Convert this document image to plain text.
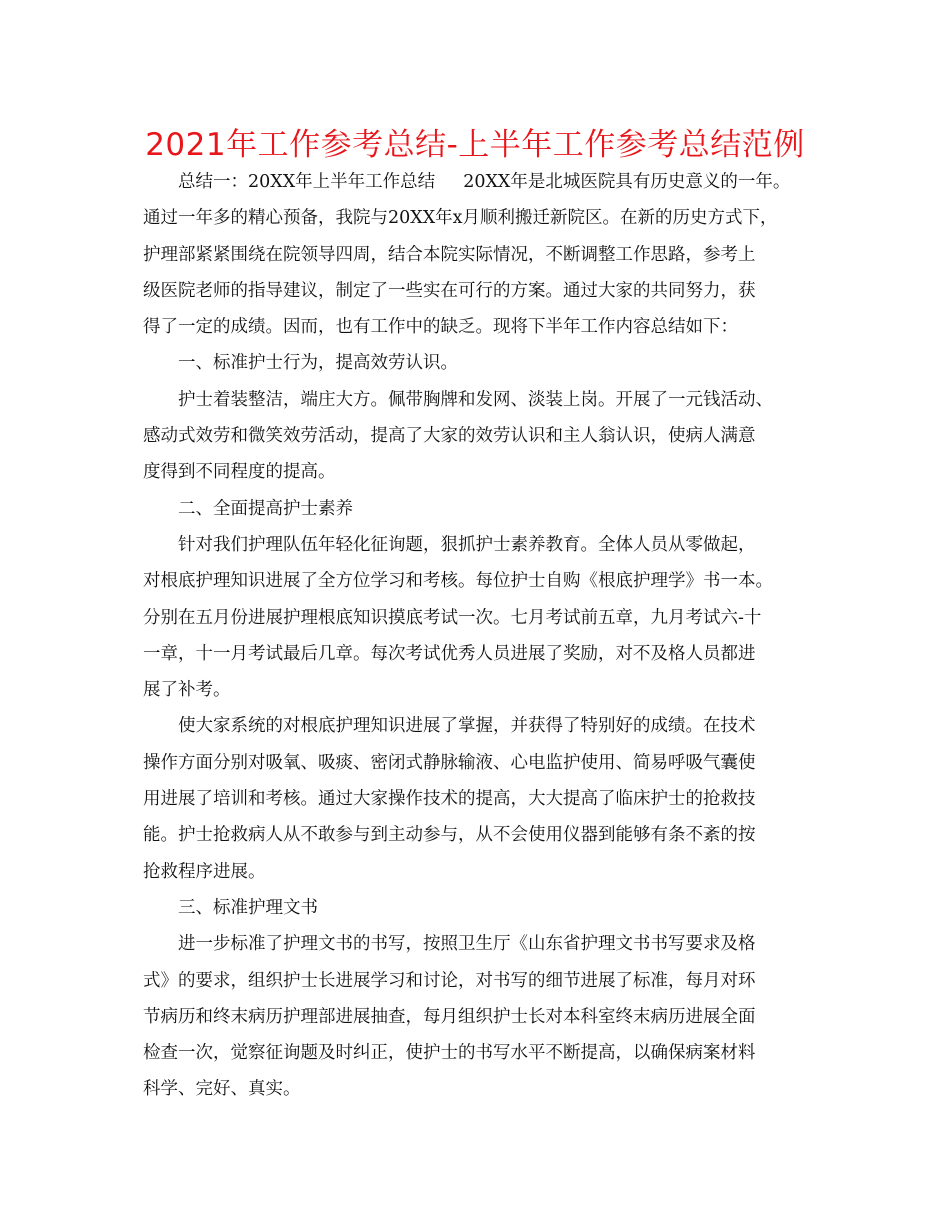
2021年工作参考总结-上半年工作参考总结范例

总结一：20XX年上半年工作总结 20XX年是北城医院具有历史意义的一年。

通过一年多的精心预备，我院与20XX年x月顺利搬迁新院区。在新的历史方式下，

护理部紧紧围绕在院领导四周，结合本院实际情况，不断调整工作思路，参考上

级医院老师的指导建议，制定了一些实在可行的方案。通过大家的共同努力，获

得了一定的成绩。因而，也有工作中的缺乏。现将下半年工作内容总结如下：

一、标准护士行为，提高效劳认识。

护士着装整洁，端庄大方。佩带胸牌和发网、淡装上岗。开展了一元钱活动、

感动式效劳和微笑效劳活动，提高了大家的效劳认识和主人翁认识，使病人满意

度得到不同程度的提高。

二、全面提高护士素养

针对我们护理队伍年轻化征询题，狠抓护士素养教育。全体人员从零做起，

对根底护理知识进展了全方位学习和考核。每位护士自购《根底护理学》书一本。

分别在五月份进展护理根底知识摸底考试一次。七月考试前五章，九月考试六-十

一章，十一月考试最后几章。每次考试优秀人员进展了奖励，对不及格人员都进

展了补考。

使大家系统的对根底护理知识进展了掌握，并获得了特别好的成绩。在技术

操作方面分别对吸氧、吸痰、密闭式静脉输液、心电监护使用、简易呼吸气囊使

用进展了培训和考核。通过大家操作技术的提高，大大提高了临床护士的抢救技

能。护士抢救病人从不敢参与到主动参与，从不会使用仪器到能够有条不紊的按

抢救程序进展。

三、标准护理文书

进一步标准了护理文书的书写，按照卫生厅《山东省护理文书书写要求及格

式》的要求，组织护士长进展学习和讨论，对书写的细节进展了标准，每月对环

节病历和终末病历护理部进展抽查，每月组织护士长对本科室终末病历进展全面

检查一次，觉察征询题及时纠正，使护士的书写水平不断提高，以确保病案材料

科学、完好、真实。
